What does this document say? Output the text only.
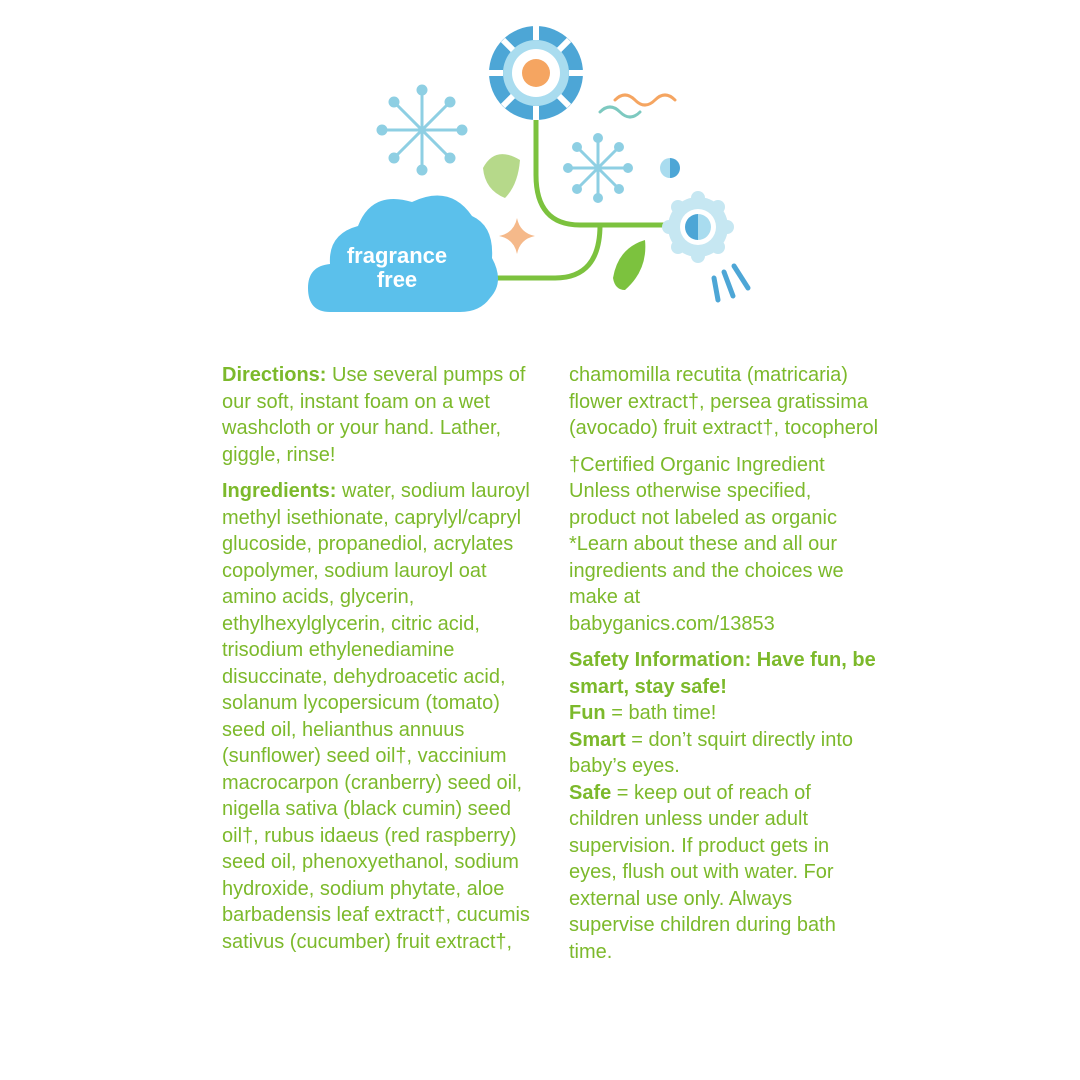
fragrance
free

Directions: Use several pumps of our soft, instant foam on a wet washcloth or your hand. Lather, giggle, rinse!

Ingredients: water, sodium lauroyl methyl isethionate, caprylyl/capryl glucoside, propanediol, acrylates copolymer, sodium lauroyl oat amino acids, glycerin, ethylhexylglycerin, citric acid, trisodium ethylenediamine disuccinate, dehydroacetic acid, solanum lycopersicum (tomato) seed oil, helianthus annuus (sunflower) seed oil†, vaccinium macrocarpon (cranberry) seed oil, nigella sativa (black cumin) seed oil†, rubus idaeus (red raspberry) seed oil, phenoxyethanol, sodium hydroxide, sodium phytate, aloe barbadensis leaf extract†, cucumis sativus (cucumber) fruit extract†,

chamomilla recutita (matricaria) flower extract†, persea gratissima (avocado) fruit extract†, tocopherol

†Certified Organic Ingredient
Unless otherwise specified, product not labeled as organic
*Learn about these and all our ingredients and the choices we make at
babyganics.com/13853

Safety Information: Have fun, be smart, stay safe!
Fun = bath time!
Smart = don’t squirt directly into baby’s eyes.
Safe = keep out of reach of children unless under adult supervision. If product gets in eyes, flush out with water. For external use only. Always supervise children during bath time.
